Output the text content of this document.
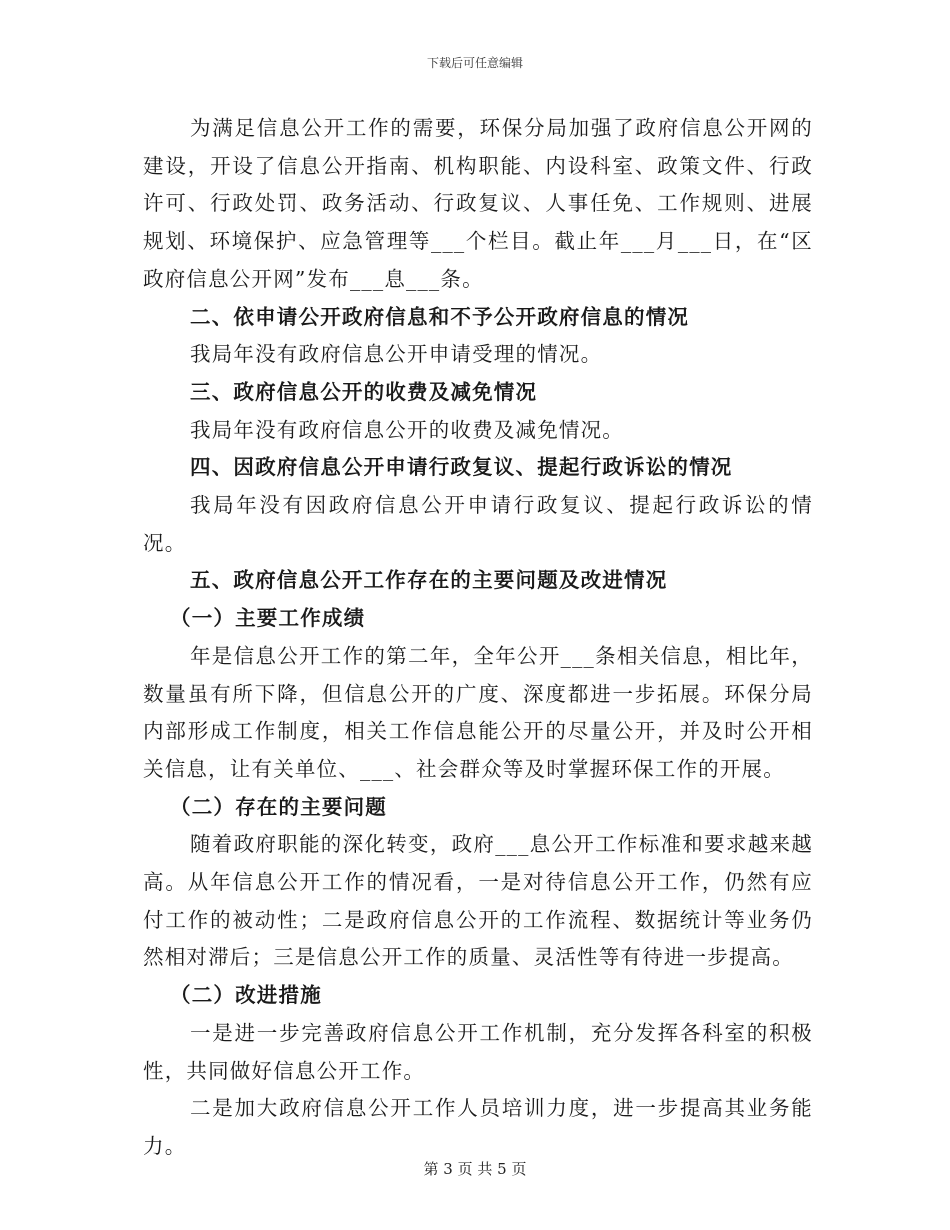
下载后可任意编辑

为满足信息公开工作的需要，环保分局加强了政府信息公开网的建设，开设了信息公开指南、机构职能、内设科室、政策文件、行政许可、行政处罚、政务活动、行政复议、人事任免、工作规则、进展规划、环境保护、应急管理等___个栏目。截止年___月___日，在“区政府信息公开网”发布___息___条。

二、依申请公开政府信息和不予公开政府信息的情况

我局年没有政府信息公开申请受理的情况。

三、政府信息公开的收费及减免情况

我局年没有政府信息公开的收费及减免情况。

四、因政府信息公开申请行政复议、提起行政诉讼的情况

我局年没有因政府信息公开申请行政复议、提起行政诉讼的情况。

五、政府信息公开工作存在的主要问题及改进情况

（一）主要工作成绩

年是信息公开工作的第二年，全年公开___条相关信息，相比年，数量虽有所下降，但信息公开的广度、深度都进一步拓展。环保分局内部形成工作制度，相关工作信息能公开的尽量公开，并及时公开相关信息，让有关单位、___、社会群众等及时掌握环保工作的开展。

（二）存在的主要问题

随着政府职能的深化转变，政府___息公开工作标准和要求越来越高。从年信息公开工作的情况看，一是对待信息公开工作，仍然有应付工作的被动性；二是政府信息公开的工作流程、数据统计等业务仍然相对滞后；三是信息公开工作的质量、灵活性等有待进一步提高。

（二）改进措施

一是进一步完善政府信息公开工作机制，充分发挥各科室的积极性，共同做好信息公开工作。

二是加大政府信息公开工作人员培训力度，进一步提高其业务能力。

第 3 页 共 5 页
